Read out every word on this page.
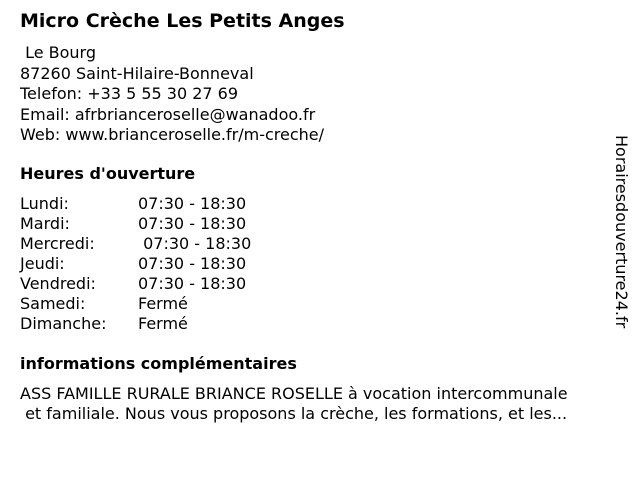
Micro Crèche Les Petits Anges
Le Bourg
87260 Saint-Hilaire-Bonneval
Telefon: +33 5 55 30 27 69
Email: afrbrianceroselle@wanadoo.fr
Web: www.brianceroselle.fr/m-creche/
Heures d'ouverture
Lundi:	07:30 - 18:30
Mardi:	07:30 - 18:30
Mercredi:	07:30 - 18:30
Jeudi:	07:30 - 18:30
Vendredi:	07:30 - 18:30
Samedi:	Fermé
Dimanche: Fermé
informations complémentaires
ASS FAMILLE RURALE BRIANCE ROSELLE à vocation intercommunale
et familiale. Nous vous proposons la crèche, les formations, et les...
Horairesdouverture24.fr
